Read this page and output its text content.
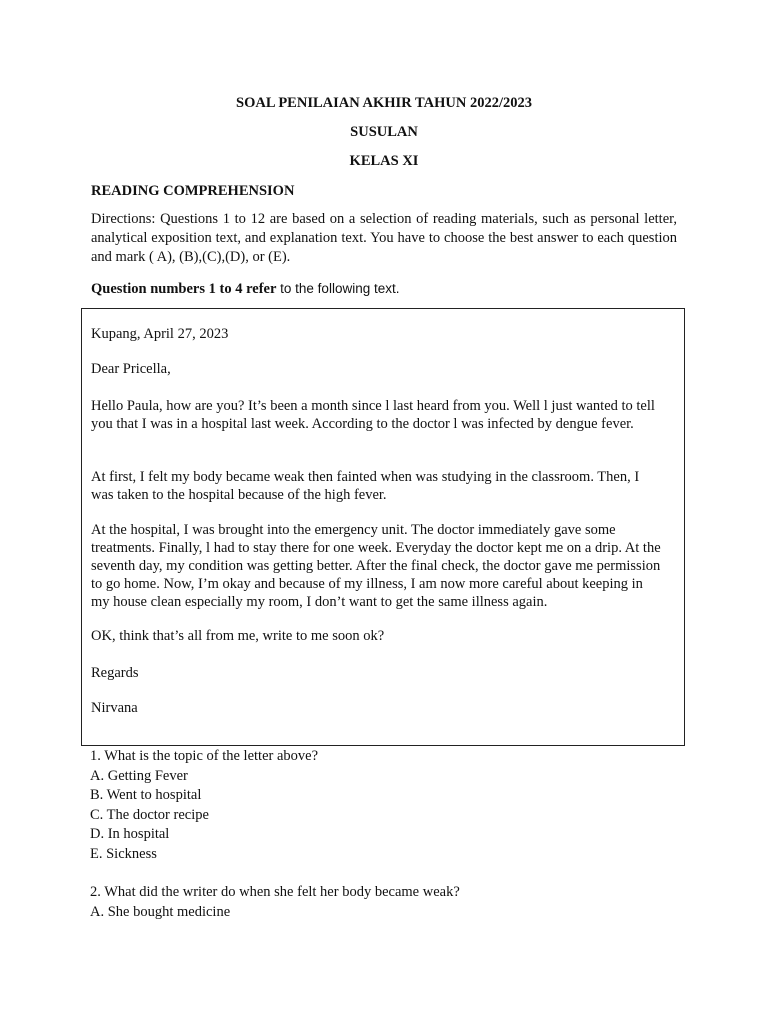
SOAL PENILAIAN AKHIR TAHUN 2022/2023
SUSULAN
KELAS XI
READING COMPREHENSION
Directions: Questions 1 to 12 are based on a selection of reading materials, such as personal letter, analytical exposition text, and explanation text. You have to choose the best answer to each question and mark ( A), (B),(C),(D), or (E).
Question numbers 1 to 4 refer to the following text.
Kupang, April 27, 2023
Dear Pricella,
Hello Paula, how are you? It’s been a month since l last heard from you. Well l just wanted to tell you that I was in a hospital last week. According to the doctor l was infected by dengue fever.
At first, I felt my body became weak then fainted when was studying in the classroom. Then, I was taken to the hospital because of the high fever.
At the hospital, I was brought into the emergency unit. The doctor immediately gave some treatments. Finally, l had to stay there for one week. Everyday the doctor kept me on a drip. At the seventh day, my condition was getting better. After the final check, the doctor gave me permission to go home. Now, I’m okay and because of my illness, I am now more careful about keeping in my house clean especially my room, I don’t want to get the same illness again.
OK, think that’s all from me, write to me soon ok?
Regards
Nirvana
1. What is the topic of the letter above?
A. Getting Fever
B. Went to hospital
C. The doctor recipe
D. In hospital
E. Sickness
2. What did the writer do when she felt her body became weak?
A. She bought medicine
